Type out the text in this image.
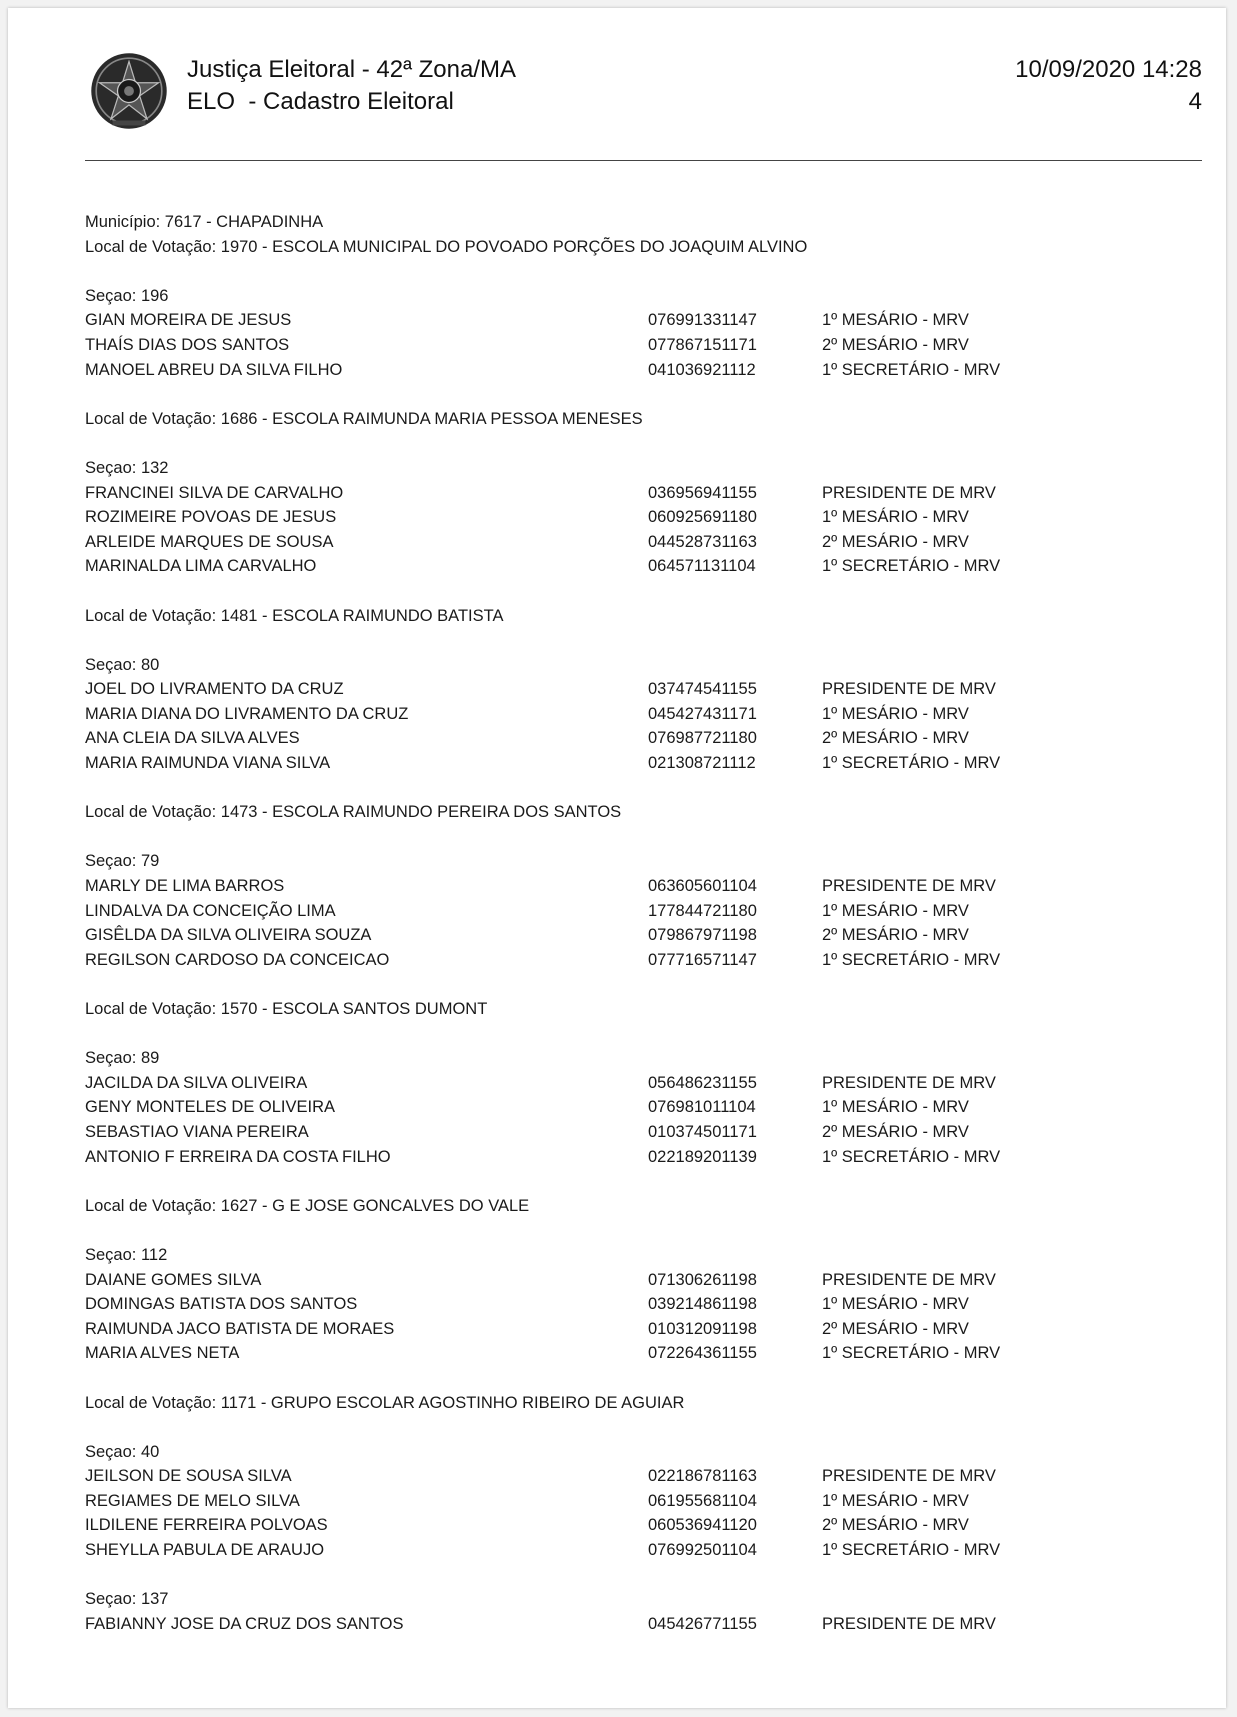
Justiça Eleitoral - 42ª Zona/MA
ELO  - Cadastro Eleitoral
10/09/2020 14:28
4
Município: 7617 - CHAPADINHA
Local de Votação: 1970 - ESCOLA MUNICIPAL DO POVOADO PORÇÕES DO JOAQUIM ALVINO
Seçao: 196
GIAN MOREIRA DE JESUS	076991331147	1º MESÁRIO - MRV
THAÍS DIAS DOS SANTOS	077867151171	2º MESÁRIO - MRV
MANOEL ABREU DA SILVA FILHO	041036921112	1º SECRETÁRIO - MRV
Local de Votação: 1686 - ESCOLA RAIMUNDA MARIA PESSOA MENESES
Seçao: 132
FRANCINEI SILVA DE CARVALHO	036956941155	PRESIDENTE DE MRV
ROZIMEIRE POVOAS DE JESUS	060925691180	1º MESÁRIO - MRV
ARLEIDE MARQUES DE SOUSA	044528731163	2º MESÁRIO - MRV
MARINALDA LIMA CARVALHO	064571131104	1º SECRETÁRIO - MRV
Local de Votação: 1481 - ESCOLA RAIMUNDO BATISTA
Seçao: 80
JOEL DO LIVRAMENTO DA CRUZ	037474541155	PRESIDENTE DE MRV
MARIA DIANA DO LIVRAMENTO DA CRUZ	045427431171	1º MESÁRIO - MRV
ANA CLEIA DA SILVA ALVES	076987721180	2º MESÁRIO - MRV
MARIA RAIMUNDA VIANA SILVA	021308721112	1º SECRETÁRIO - MRV
Local de Votação: 1473 - ESCOLA RAIMUNDO PEREIRA DOS SANTOS
Seçao: 79
MARLY DE LIMA BARROS	063605601104	PRESIDENTE DE MRV
LINDALVA DA CONCEIÇÃO LIMA	177844721180	1º MESÁRIO - MRV
GISÊLDA DA SILVA OLIVEIRA SOUZA	079867971198	2º MESÁRIO - MRV
REGILSON CARDOSO DA CONCEICAO	077716571147	1º SECRETÁRIO - MRV
Local de Votação: 1570 - ESCOLA SANTOS DUMONT
Seçao: 89
JACILDA DA SILVA OLIVEIRA	056486231155	PRESIDENTE DE MRV
GENY MONTELES DE OLIVEIRA	076981011104	1º MESÁRIO - MRV
SEBASTIAO VIANA PEREIRA	010374501171	2º MESÁRIO - MRV
ANTONIO F ERREIRA DA COSTA FILHO	022189201139	1º SECRETÁRIO - MRV
Local de Votação: 1627 - G E JOSE GONCALVES DO VALE
Seçao: 112
DAIANE GOMES SILVA	071306261198	PRESIDENTE DE MRV
DOMINGAS BATISTA DOS SANTOS	039214861198	1º MESÁRIO - MRV
RAIMUNDA JACO BATISTA DE MORAES	010312091198	2º MESÁRIO - MRV
MARIA ALVES NETA	072264361155	1º SECRETÁRIO - MRV
Local de Votação: 1171 - GRUPO ESCOLAR AGOSTINHO RIBEIRO DE AGUIAR
Seçao: 40
JEILSON DE SOUSA SILVA	022186781163	PRESIDENTE DE MRV
REGIAMES DE MELO SILVA	061955681104	1º MESÁRIO - MRV
ILDILENE FERREIRA POLVOAS	060536941120	2º MESÁRIO - MRV
SHEYLLA PABULA DE ARAUJO	076992501104	1º SECRETÁRIO - MRV
Seçao: 137
FABIANNY JOSE DA CRUZ DOS SANTOS	045426771155	PRESIDENTE DE MRV
